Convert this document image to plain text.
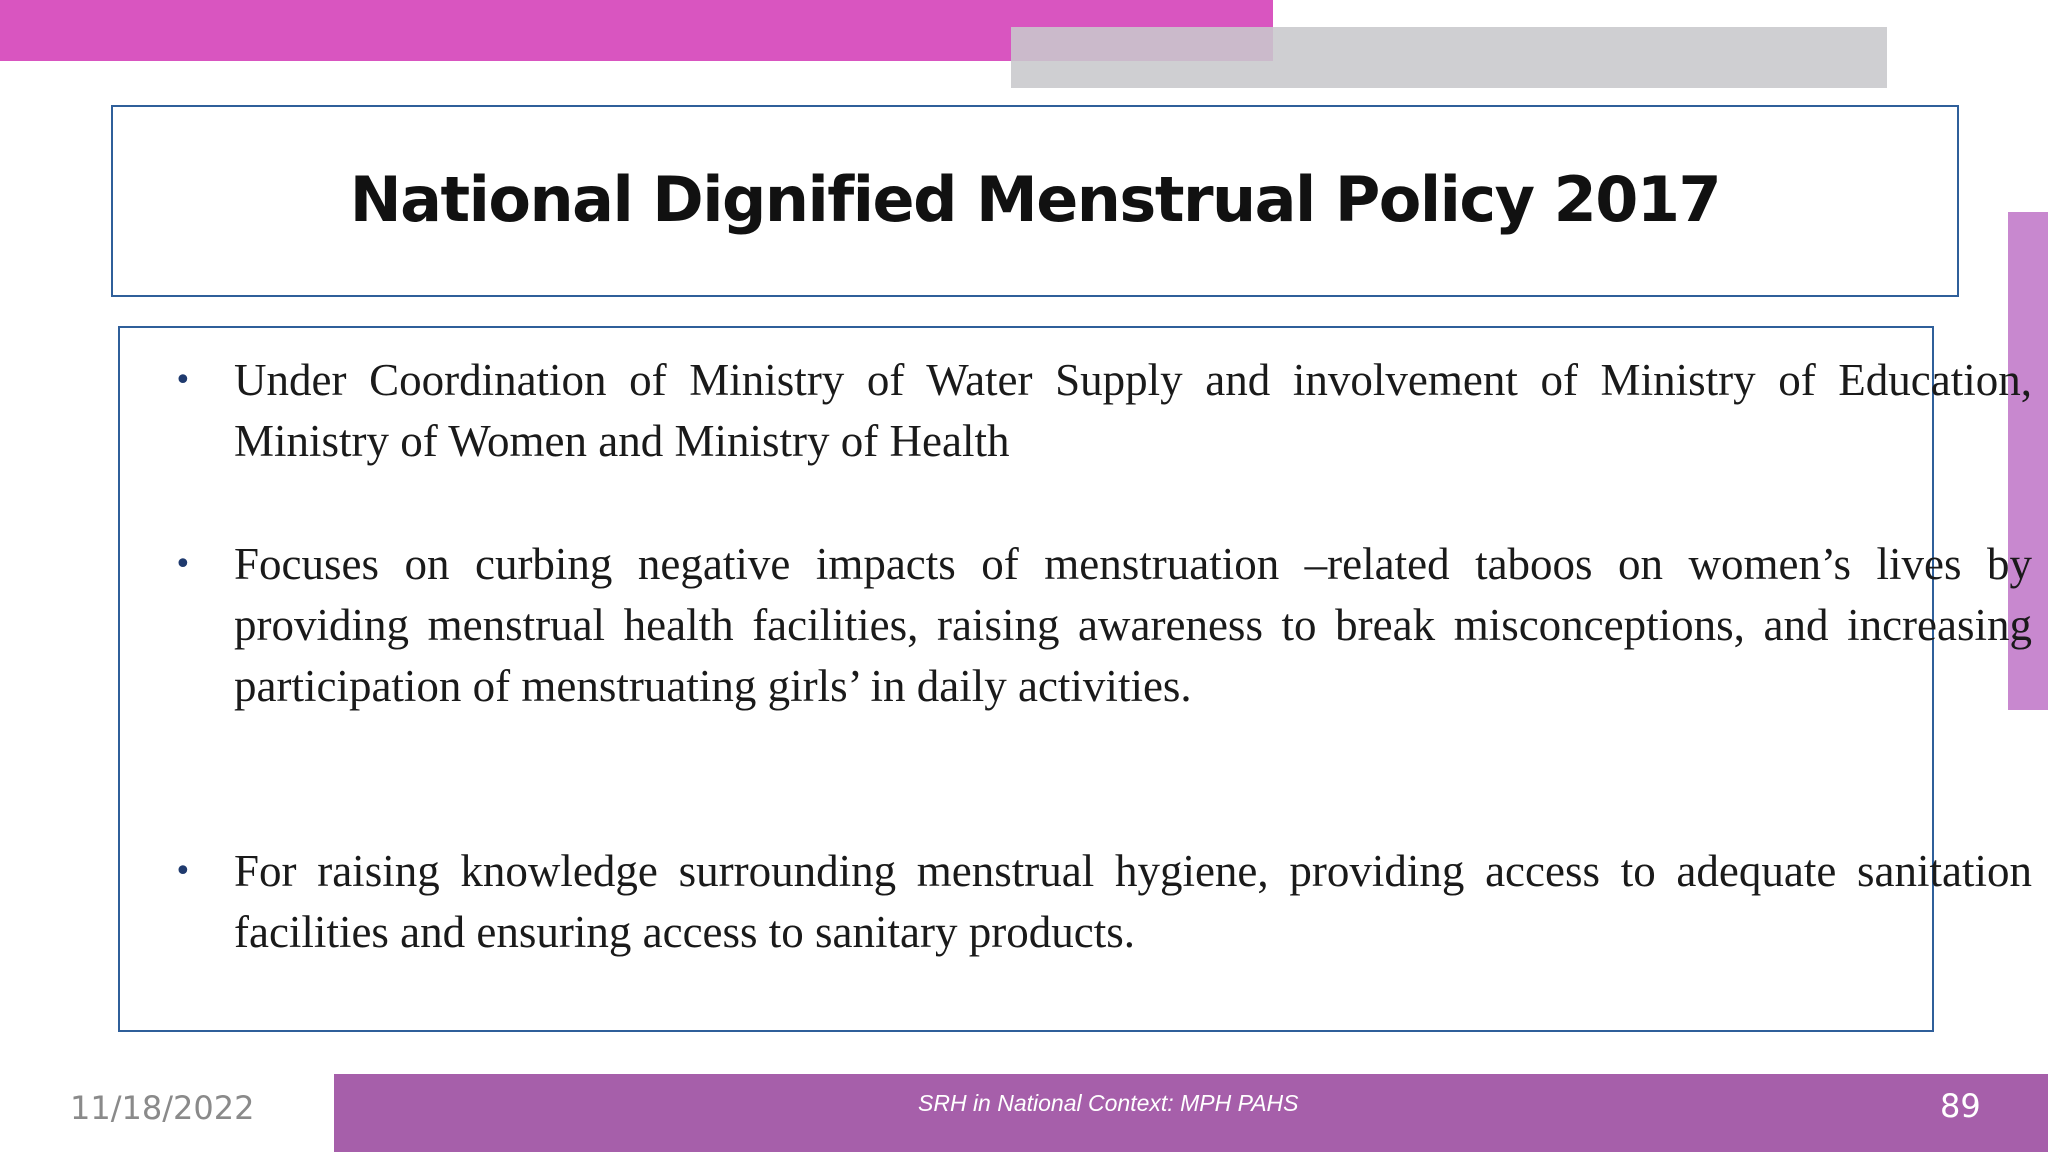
National Dignified Menstrual Policy 2017
• Under Coordination of Ministry of Water Supply and involvement of Ministry of Education, Ministry of Women and Ministry of Health
• Focuses on curbing negative impacts of menstruation –related taboos on women’s lives by providing menstrual health facilities, raising awareness to break misconceptions, and increasing participation of menstruating girls’ in daily activities.
• For raising knowledge surrounding menstrual hygiene, providing access to adequate sanitation facilities and ensuring access to sanitary products.
11/18/2022	SRH in National Context: MPH PAHS	89
